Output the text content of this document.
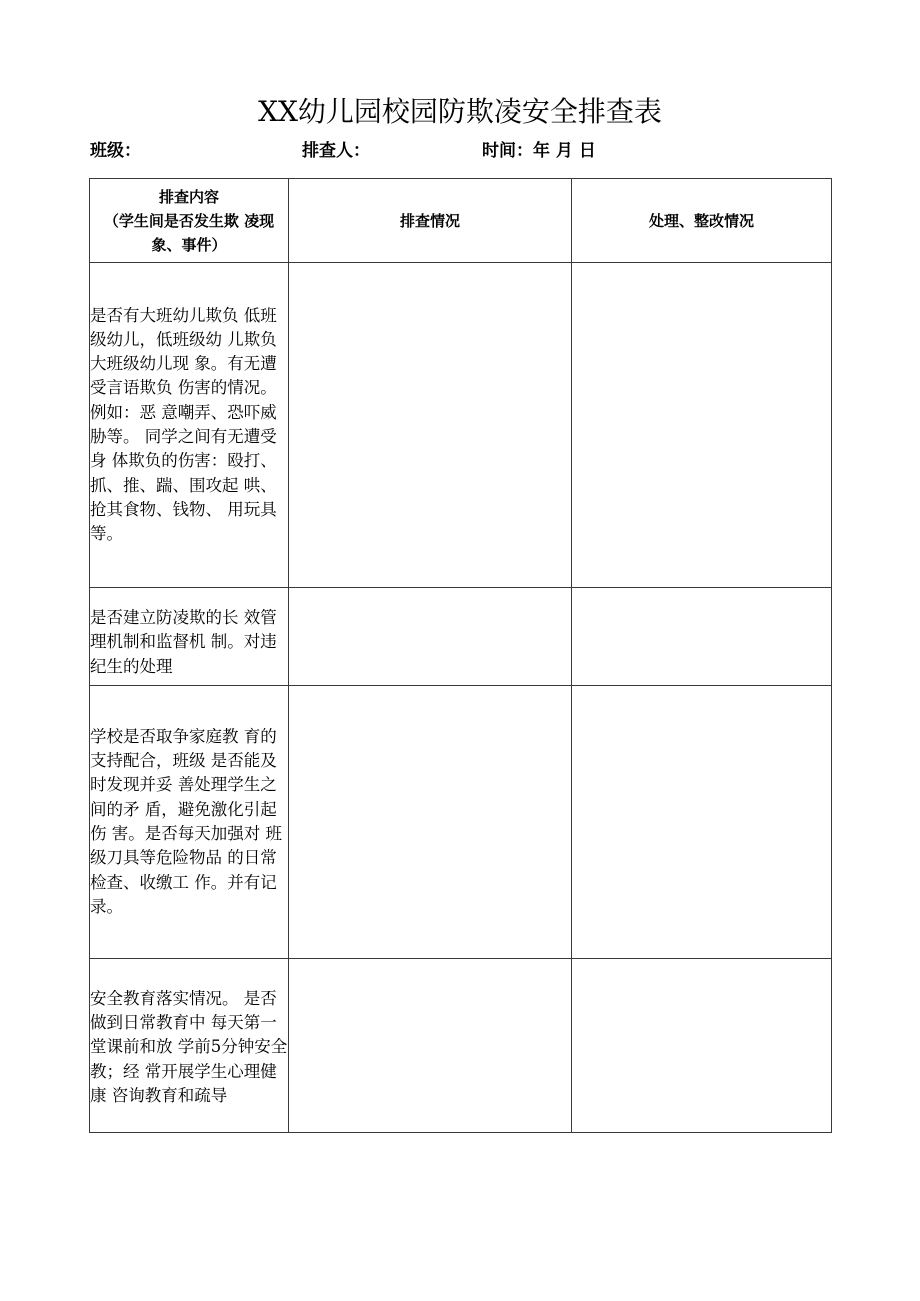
XX幼儿园校园防欺凌安全排查表
班级：	排查人：	时间：年 月 日
排查内容
（学生间是否发生欺 凌现象、事件）	排查情况	处理、整改情况
是否有大班幼儿欺负 低班级幼儿，低班级幼 儿欺负大班级幼儿现 象。有无遭受言语欺负 伤害的情况。例如：恶 意嘲弄、恐吓威胁等。 同学之间有无遭受身 体欺负的伤害：殴打、 抓、推、踹、围攻起 哄、抢其食物、钱物、 用玩具等。		
是否建立防凌欺的长 效管理机制和监督机 制。对违纪生的处理		
学校是否取争家庭教 育的支持配合，班级 是否能及时发现并妥 善处理学生之间的矛 盾，避免激化引起伤 害。是否每天加强对 班级刀具等危险物品 的日常检查、收缴工 作。并有记录。		
安全教育落实情况。 是否做到日常教育中 每天第一堂课前和放 学前5分钟安全教；经 常开展学生心理健康 咨询教育和疏导		
